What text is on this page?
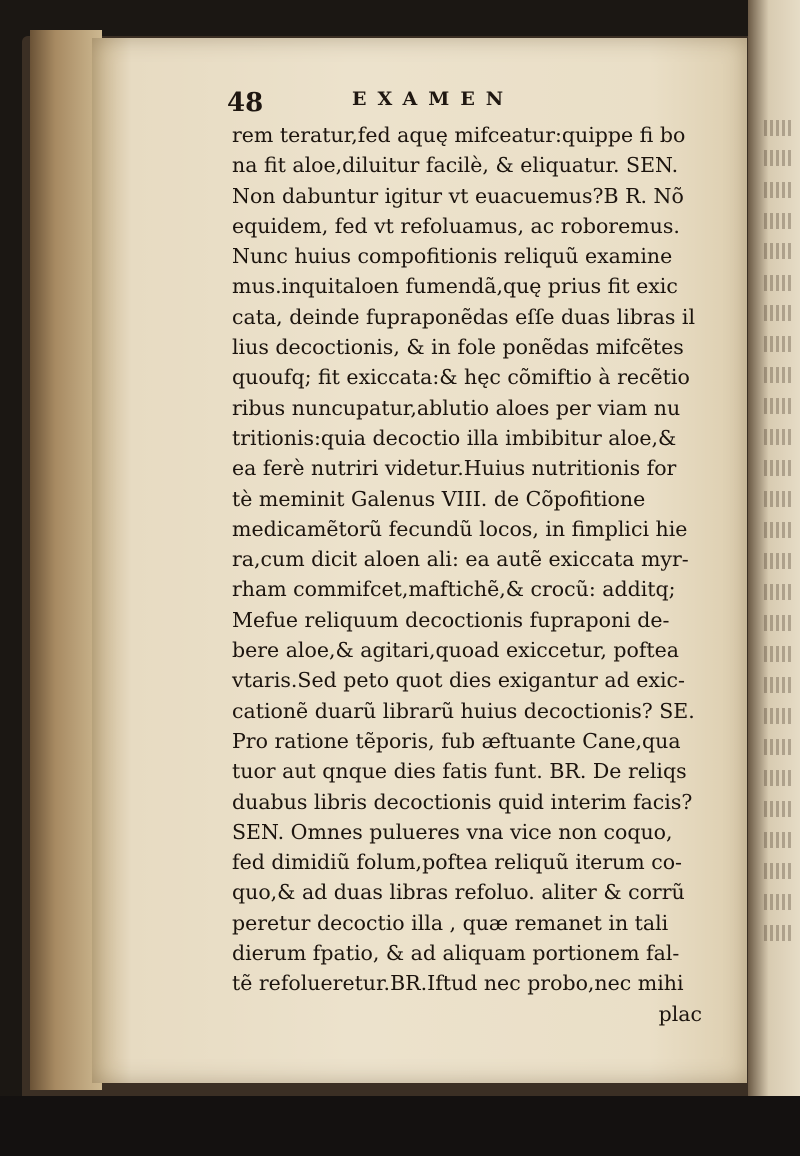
48	EXAMEN
rem teratur,fed aquę mifceatur:quippe fi bo
na fit aloe,diluitur facilè, & eliquatur. SEN.
Non dabuntur igitur vt euacuemus?B R. Nõ
equidem, fed vt refoluamus, ac roboremus.
Nunc huius compofitionis reliquũ examine
mus.inquitaloen fumendã,quę prius fit exic
cata, deinde fupraponẽdas eſſe duas libras il
lius decoctionis, & in fole ponẽdas mifcẽtes
quoufq; fit exiccata:& hęc cõmiftio à recẽtio
ribus nuncupatur,ablutio aloes per viam nu
tritionis:quia decoctio illa imbibitur aloe,&
ea ferè nutriri videtur.Huius nutritionis for
tè meminit Galenus VIII. de Cõpofitione
medicamẽtorũ fecundũ locos, in fimplici hie
ra,cum dicit aloen ali: ea autẽ exiccata myr-
rham commifcet,maftichẽ,& crocũ: additq;
Mefue reliquum decoctionis fupraponi de-
bere aloe,& agitari,quoad exiccetur, poftea
vtaris.Sed peto quot dies exigantur ad exic-
cationẽ duarũ librarũ huius decoctionis? SE.
Pro ratione tẽporis, fub æftuante Cane,qua
tuor aut qnque dies fatis funt. BR. De reliqs
duabus libris decoctionis quid interim facis?
SEN. Omnes pulueres vna vice non coquo,
fed dimidiũ folum,poftea reliquũ iterum co-
quo,& ad duas libras refoluo. aliter & corrũ
peretur decoctio illa , quæ remanet in tali
dierum fpatio, & ad aliquam portionem fal-
tẽ refolueretur.BR.Iftud nec probo,nec mihi
plac
